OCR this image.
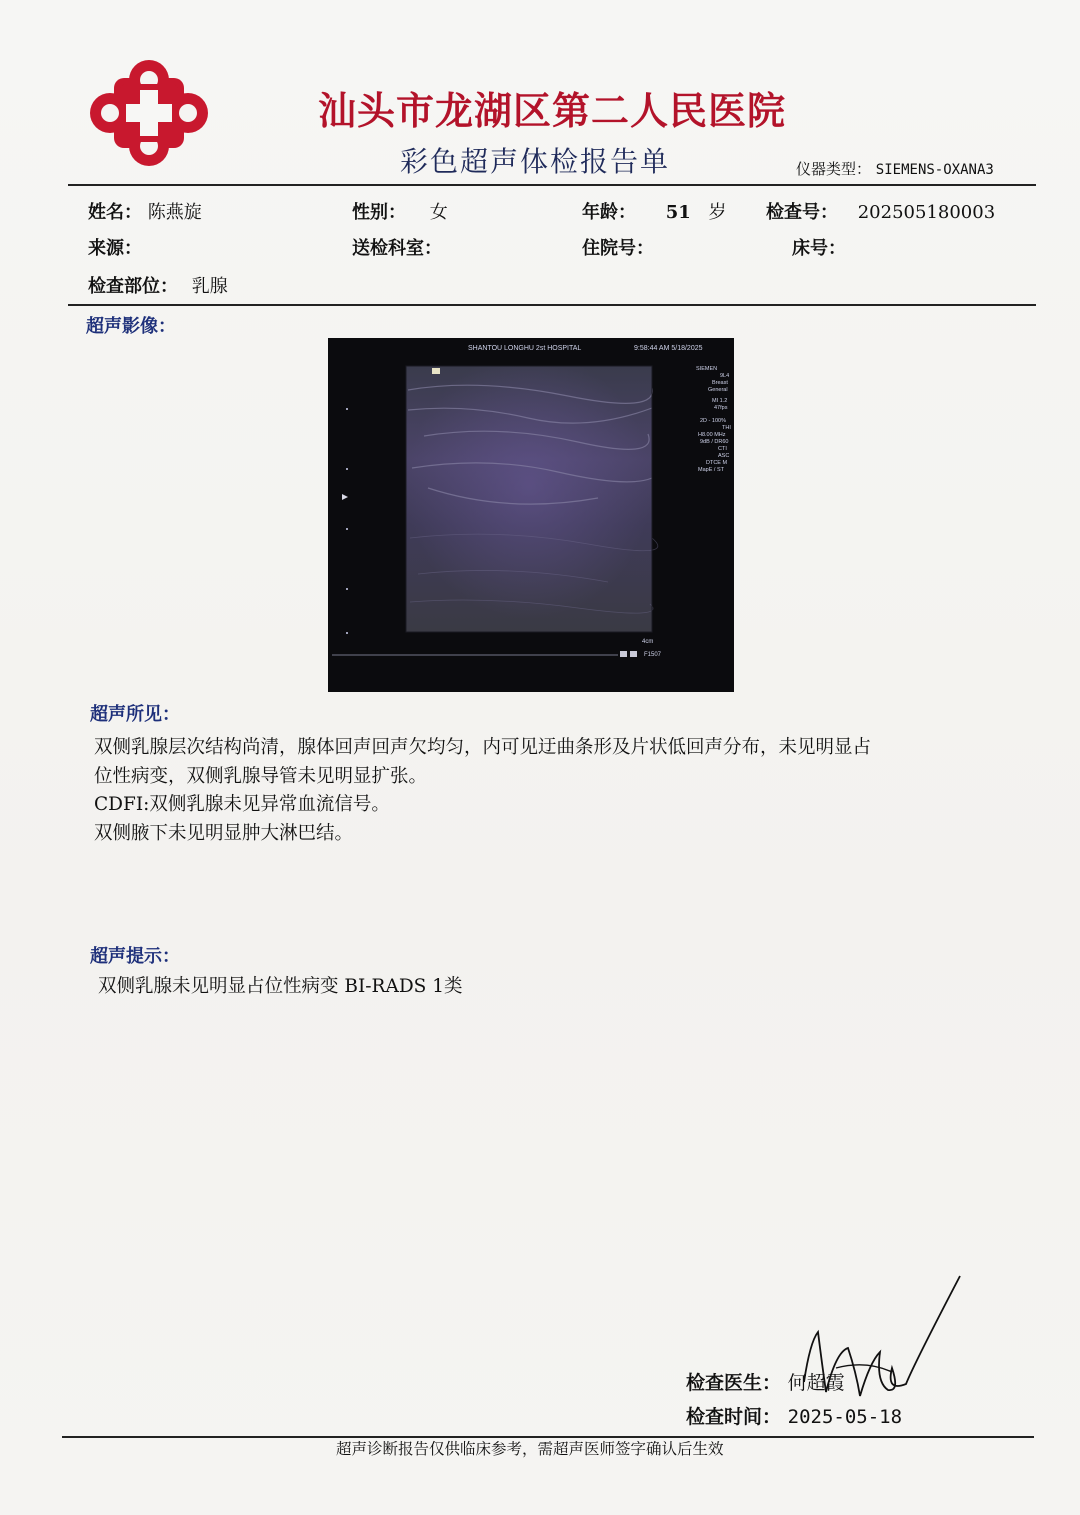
汕头市龙湖区第二人民医院
彩色超声体检报告单	仪器类型： SIEMENS-OXANA3
姓名： 陈燕旋	性别： 女	年龄： 51 岁 检查号： 202505180003
来源：	送检科室：	住院号：	床号：
检查部位： 乳腺
超声影像：
SHANTOU LONGHU 2st HOSPITAL	9:58:44 AM 5/18/2025
SIEMEN
9L4
Breast
General
MI 1.2
47fps
2D - 100%
THI
H8.00 MHz
9dB / DR60
CTI
ASC
DTCE M
MapE / ST
4cm
F1507
超声所见：

双侧乳腺层次结构尚清，腺体回声回声欠均匀，内可见迂曲条形及片状低回声分布，未见明显占

位性病变，双侧乳腺导管未见明显扩张。

CDFI:双侧乳腺未见异常血流信号。

双侧腋下未见明显肿大淋巴结。

超声提示：
双侧乳腺未见明显占位性病变 BI-RADS 1类
检查医生： 何超霞
检查时间： 2025-05-18
超声诊断报告仅供临床参考，需超声医师签字确认后生效
